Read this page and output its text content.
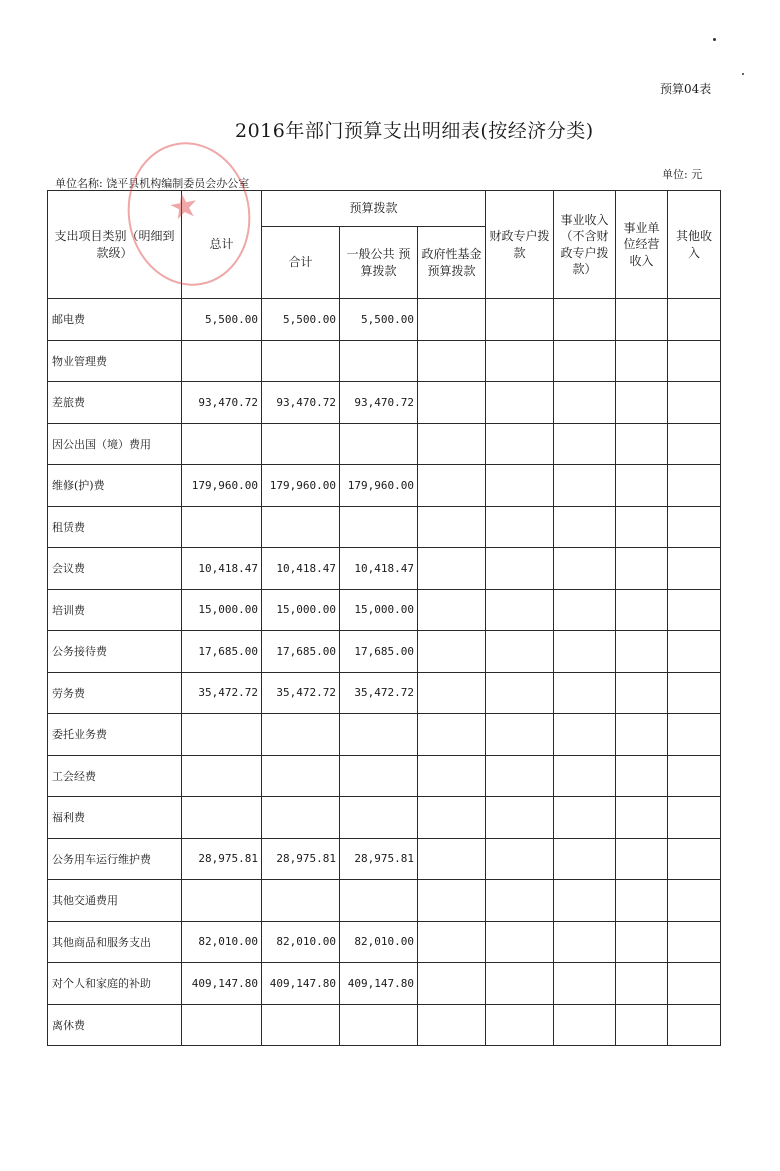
预算04表
2016年部门预算支出明细表(按经济分类)
单位名称: 饶平县机构编制委员会办公室
单位: 元
支出项目类别（明细到款级）	总计	预算拨款			财政专户拨款	事业收入（不含财政专户拨款）	事业单位经营收入	其他收入
		合计	一般公共 预算拨款	政府性基金预算拨款				
邮电费	5,500.00	5,500.00	5,500.00					
物业管理费								
差旅费	93,470.72	93,470.72	93,470.72					
因公出国（境）费用								
维修(护)费	179,960.00	179,960.00	179,960.00					
租赁费								
会议费	10,418.47	10,418.47	10,418.47					
培训费	15,000.00	15,000.00	15,000.00					
公务接待费	17,685.00	17,685.00	17,685.00					
劳务费	35,472.72	35,472.72	35,472.72					
委托业务费								
工会经费								
福利费								
公务用车运行维护费	28,975.81	28,975.81	28,975.81					
其他交通费用								
其他商品和服务支出	82,010.00	82,010.00	82,010.00					
对个人和家庭的补助	409,147.80	409,147.80	409,147.80					
离休费								
★
